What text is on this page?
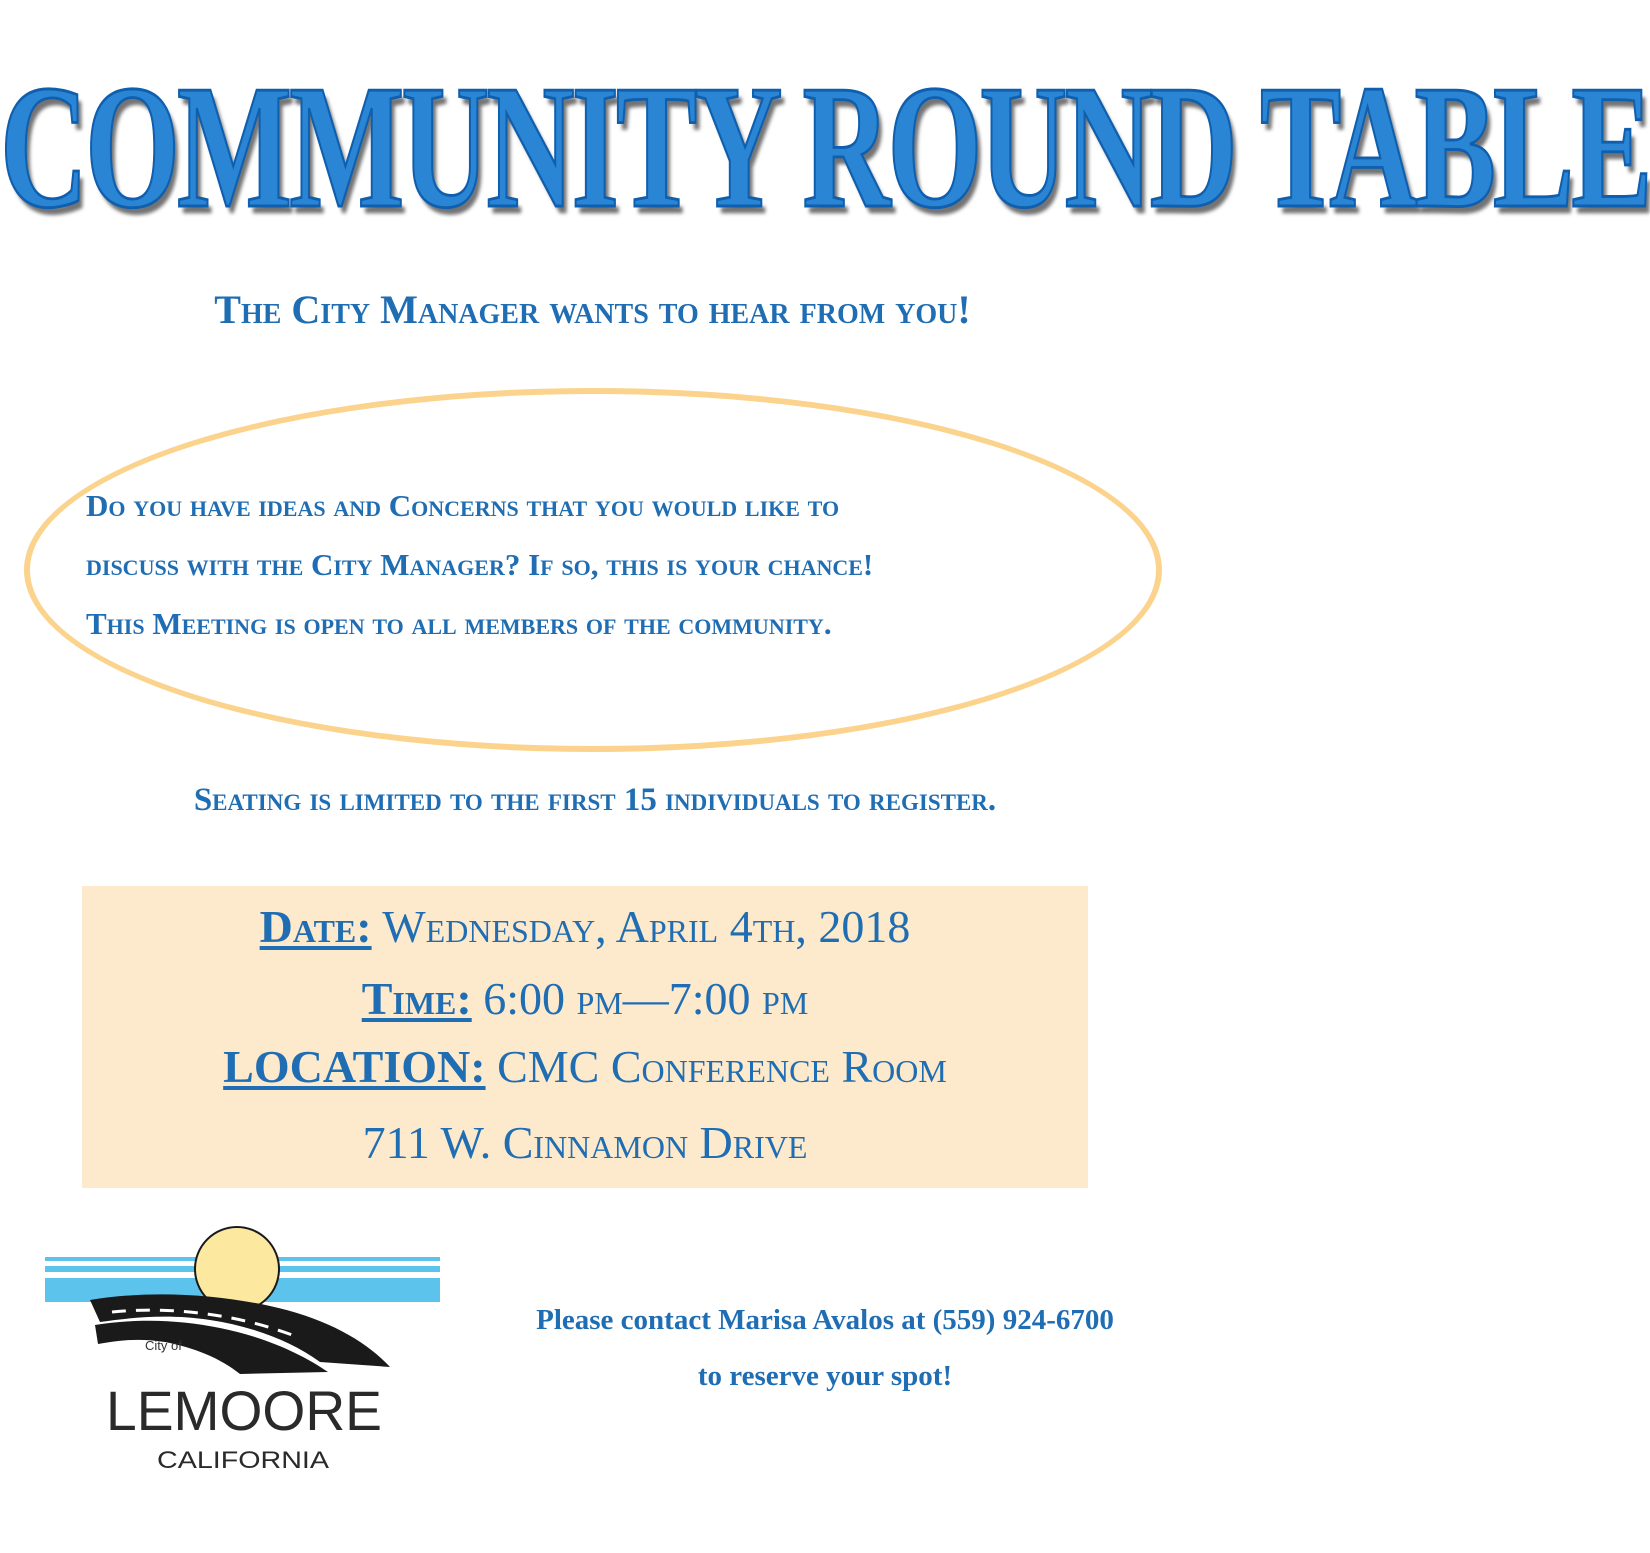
COMMUNITY ROUND TABLE
The City Manager wants to hear from you!
Do you have ideas and Concerns that you would like to
discuss with the City Manager? If so, this is your chance!
This Meeting is open to all members of the community.
Seating is limited to the first 15 individuals to register.
Date: Wednesday, April 4th, 2018
Time: 6:00 pm—7:00 pm
LOCATION: CMC Conference Room
711 W. Cinnamon Drive
City of
LEMOORE
CALIFORNIA
Please contact Marisa Avalos at (559) 924-6700
to reserve your spot!
